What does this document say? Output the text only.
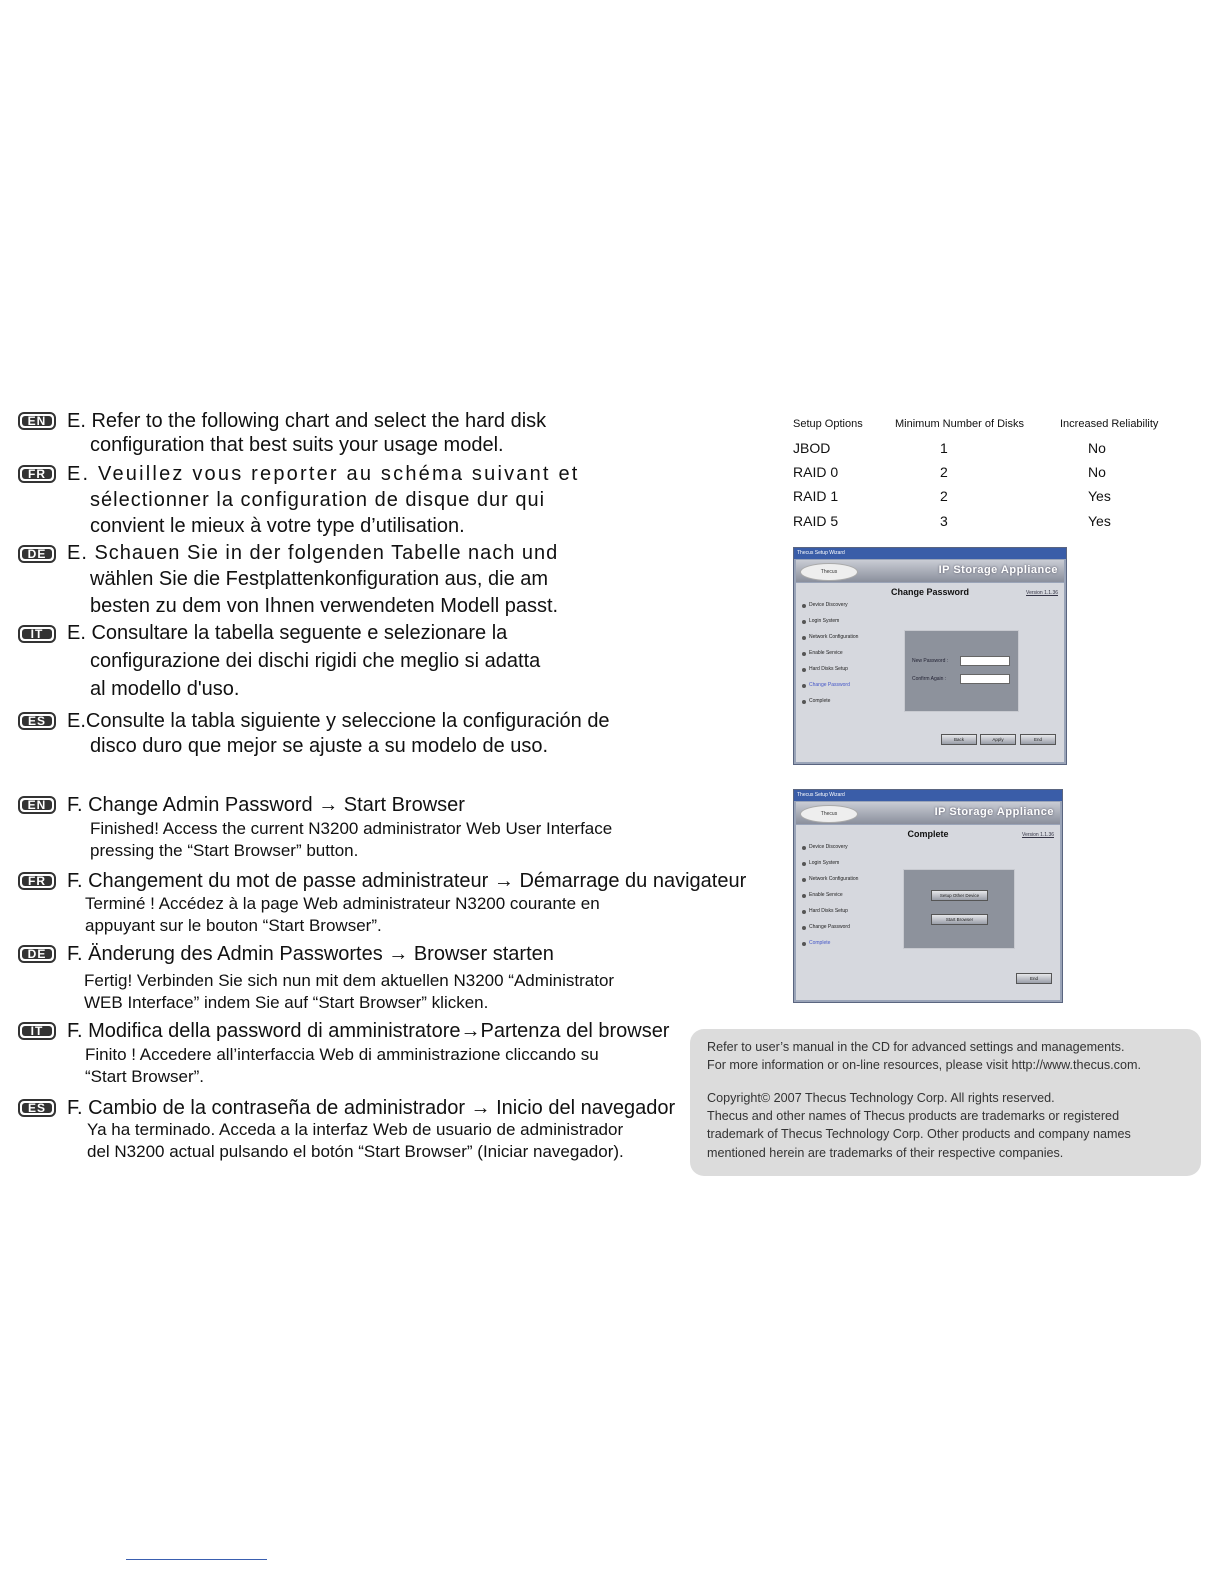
EN E. Refer to the following chart and select the hard disk
configuration that best suits your usage model.
FR	E. Veuillez vous reporter au schéma suivant et
sélectionner la configuration de disque dur qui
convient le mieux à votre type d’utilisation.
DE E. Schauen Sie in der folgenden Tabelle nach und
wählen Sie die Festplattenkonfiguration aus, die am
besten zu dem von Ihnen verwendeten Modell passt.
IT	E. Consultare la tabella seguente e selezionare la
configurazione dei dischi rigidi che meglio si adatta
al modello d'uso.
ES	E.Consulte la tabla siguiente y seleccione la configuración de
disco duro que mejor se ajuste a su modelo de uso.
EN F. Change Admin Password → Start Browser
Finished! Access the current N3200 administrator Web User Interface
pressing the “Start Browser” button.
FR	F. Changement du mot de passe administrateur → Démarrage du navigateur
Terminé ! Accédez à la page Web administrateur N3200 courante en
appuyant sur le bouton “Start Browser”.
DE F. Änderung des Admin Passwortes → Browser starten
Fertig! Verbinden Sie sich nun mit dem aktuellen N3200 “Administrator
WEB Interface” indem Sie auf “Start Browser” klicken.
IT	F. Modifica della password di amministratore→Partenza del browser
Finito ! Accedere all’interfaccia Web di amministrazione cliccando su
“Start Browser”.
ES	F. Cambio de la contraseña de administrador → Inicio del navegador
Ya ha terminado. Acceda a la interfaz Web de usuario de administrador
del N3200 actual pulsando el botón “Start Browser” (Iniciar navegador).
Setup Options	Minimum Number of Disks	Increased Reliability
JBOD	1	No
RAID 0	2	No
RAID 1	2	Yes
RAID 5	3	Yes
Thecus Setup Wizard
Thecus	IP Storage Appliance
Change Password	Version 1.1.36
Device Discovery
Login System
Network Configuration
Enable Service
Hard Disks Setup
Change Password
Complete
New Password :
Confirm Again :
Back	Apply	End
Thecus Setup Wizard
Thecus	IP Storage Appliance
Complete	Version 1.1.36
Device Discovery
Login System
Network Configuration
Enable Service
Hard Disks Setup
Change Password
Complete
Setup Other Device
Start Browser
End

Refer to user’s manual in the CD for advanced settings and managements.

For more information or on-line resources, please visit http://www.thecus.com.

Copyright© 2007 Thecus Technology Corp. All rights reserved.

Thecus and other names of Thecus products are trademarks or registered

trademark of Thecus Technology Corp. Other products and company names

mentioned herein are trademarks of their respective companies.
